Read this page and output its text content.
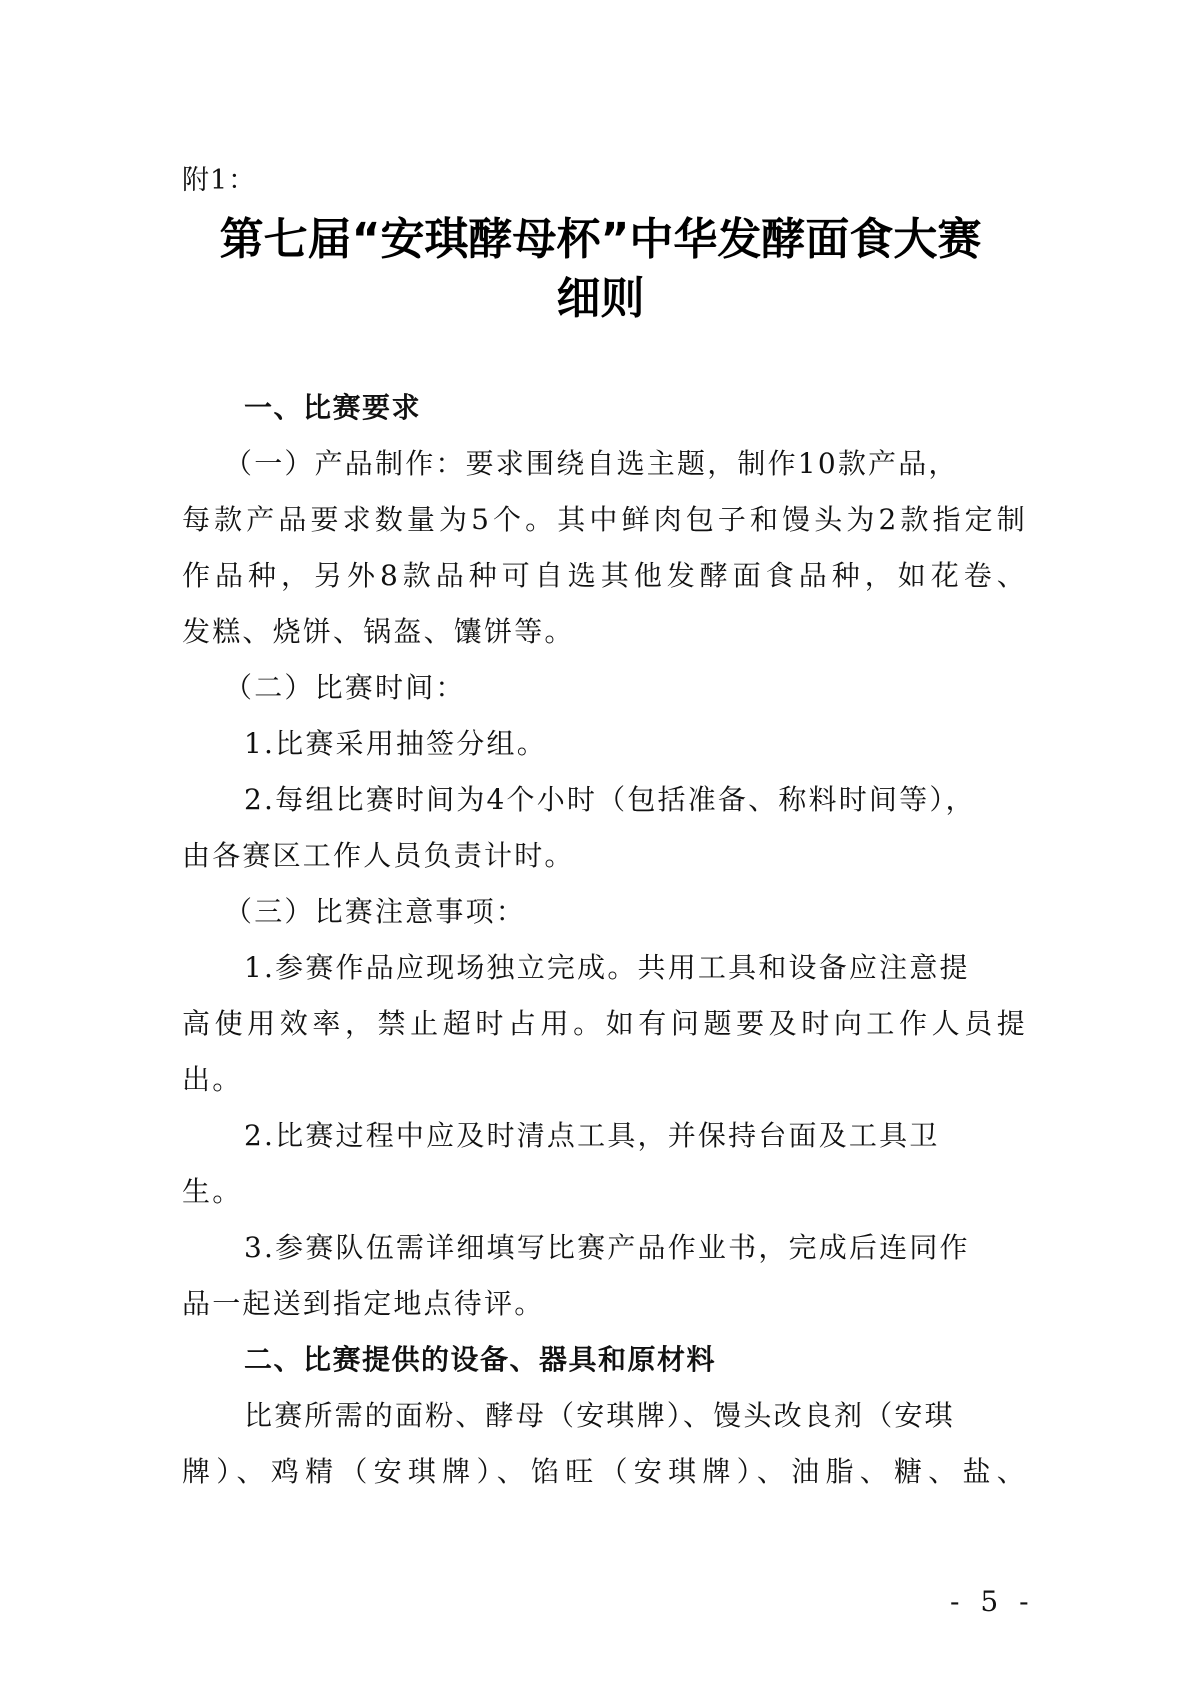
附1：
第七届“安琪酵母杯”中华发酵面食大赛
细则
一、比赛要求
（一）产品制作：要求围绕自选主题，制作10款产品，
每款产品要求数量为5个。其中鲜肉包子和馒头为2款指定制
作品种，另外8款品种可自选其他发酵面食品种，如花卷、
发糕、烧饼、锅盔、馕饼等。
（二）比赛时间：
1.比赛采用抽签分组。
2.每组比赛时间为4个小时（包括准备、称料时间等），
由各赛区工作人员负责计时。
（三）比赛注意事项：
1.参赛作品应现场独立完成。共用工具和设备应注意提
高使用效率，禁止超时占用。如有问题要及时向工作人员提
出。
2.比赛过程中应及时清点工具，并保持台面及工具卫
生。
3.参赛队伍需详细填写比赛产品作业书，完成后连同作
品一起送到指定地点待评。
二、比赛提供的设备、器具和原材料
比赛所需的面粉、酵母（安琪牌）、馒头改良剂（安琪
牌）、鸡精（安琪牌）、馅旺（安琪牌）、油脂、糖、盐、
- 5 -
